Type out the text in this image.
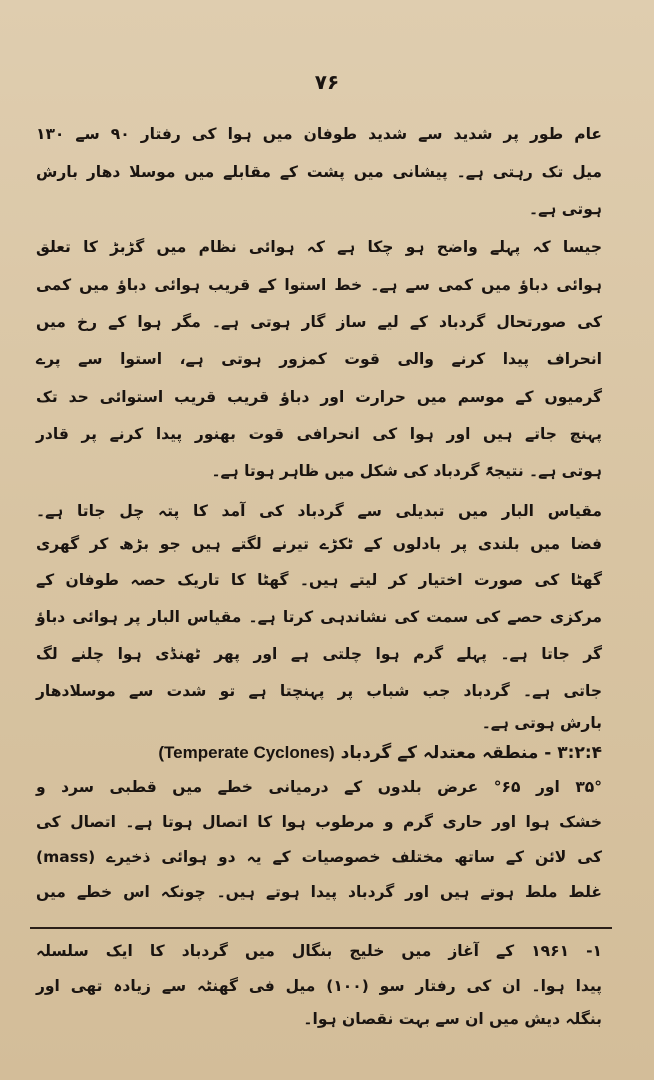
۷۶
عام طور پر شدید سے شدید طوفان میں ہوا کی رفتار ۹۰ سے ۱۳۰
میل تک رہتی ہے۔ پیشانی میں پشت کے مقابلے میں موسلا دھار بارش
ہوتی ہے۔
جیسا کہ پہلے واضح ہو چکا ہے کہ ہوائی نظام میں گڑبڑ کا تعلق
ہوائی دباؤ میں کمی سے ہے۔ خط استوا کے قریب ہوائی دباؤ میں کمی
کی صورتحال گردباد کے لیے ساز گار ہوتی ہے۔ مگر ہوا کے رخ میں
انحراف پیدا کرنے والی قوت کمزور ہوتی ہے، استوا سے پرے
گرمیوں کے موسم میں حرارت اور دباؤ قریب قریب استوائی حد تک
پہنچ جاتے ہیں اور ہوا کی انحرافی قوت بھنور پیدا کرنے پر قادر
ہوتی ہے۔ نتیجۃً گردباد کی شکل میں ظاہر ہوتا ہے۔
مقیاس البار میں تبدیلی سے گردباد کی آمد کا پتہ چل جاتا ہے۔
فضا میں بلندی پر بادلوں کے ٹکڑے تیرنے لگتے ہیں جو بڑھ کر گھری
گھٹا کی صورت اختیار کر لیتے ہیں۔ گھٹا کا تاریک حصہ طوفان کے
مرکزی حصے کی سمت کی نشاندہی کرتا ہے۔ مقیاس البار پر ہوائی دباؤ
گر جاتا ہے۔ پہلے گرم ہوا چلتی ہے اور پھر ٹھنڈی ہوا چلنے لگ
جاتی ہے۔ گردباد جب شباب پر پہنچتا ہے تو شدت سے موسلادھار
۳:۲:۴ - منطقہ معتدلہ کے گردباد (Temperate Cyclones)
۳۵° اور ۶۵° عرض بلدوں کے درمیانی خطے میں قطبی سرد و
خشک ہوا اور حاری گرم و مرطوب ہوا کا اتصال ہوتا ہے۔ اتصال کی
کی لائن کے ساتھ مختلف خصوصیات کے یہ دو ہوائی ذخیرے (mass)
۱- ۱۹۶۱ کے آغاز میں خلیج بنگال میں گردباد کا ایک سلسلہ
پیدا ہوا۔ ان کی رفتار سو (۱۰۰) میل فی گھنٹہ سے زیادہ تھی اور
بنگلہ دیش میں ان سے بہت نقصان ہوا۔
بارش ہوتی ہے۔
غلط ملط ہوتے ہیں اور گردباد پیدا ہوتے ہیں۔ چونکہ اس خطے میں
